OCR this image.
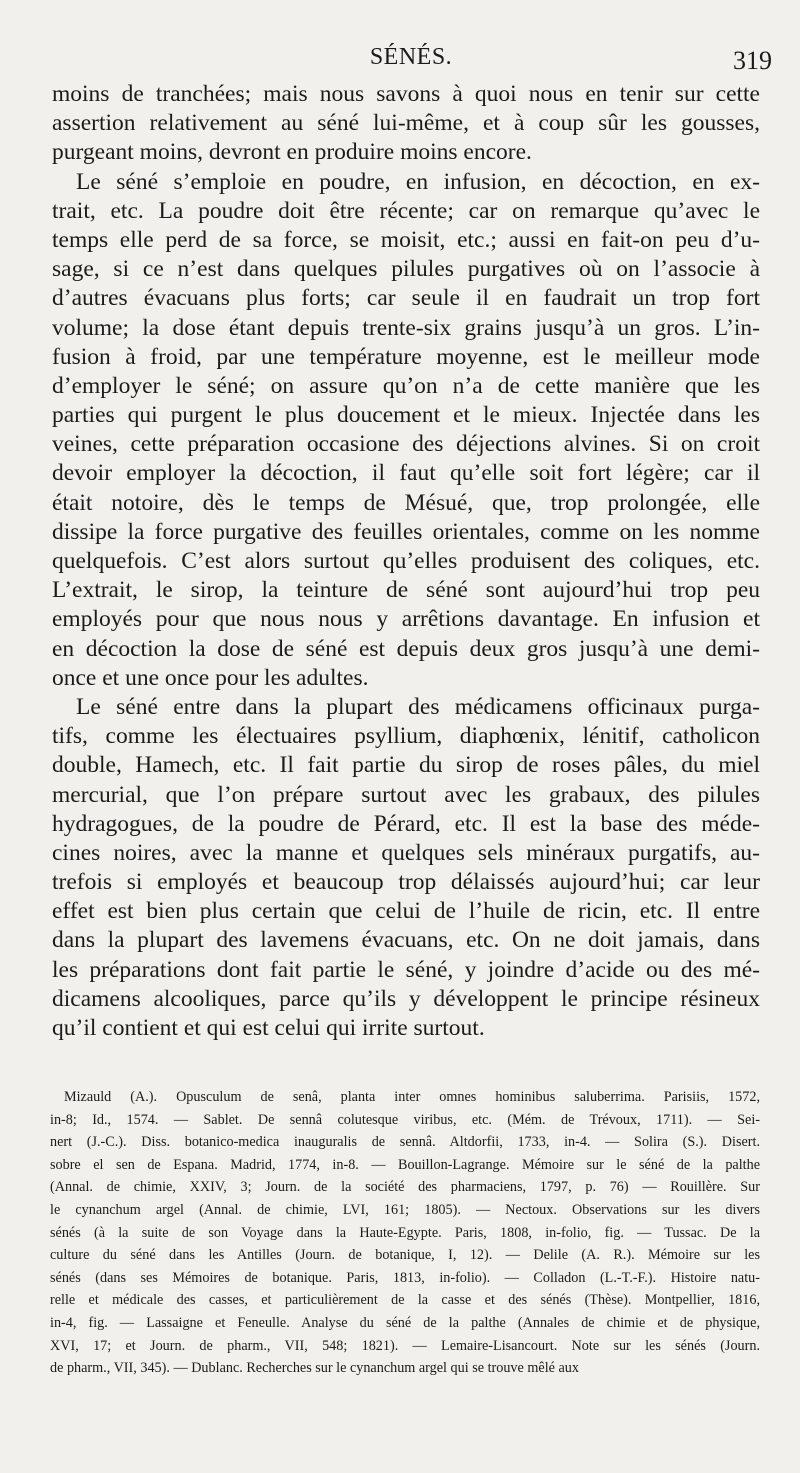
SÉNÉS.	319
moins de tranchées; mais nous savons à quoi nous en tenir sur cette
assertion relativement au séné lui-même, et à coup sûr les gousses,
purgeant moins, devront en produire moins encore.
Le séné s’emploie en poudre, en infusion, en décoction, en ex-
trait, etc. La poudre doit être récente; car on remarque qu’avec le
temps elle perd de sa force, se moisit, etc.; aussi en fait-on peu d’u-
sage, si ce n’est dans quelques pilules purgatives où on l’associe à
d’autres évacuans plus forts; car seule il en faudrait un trop fort
volume; la dose étant depuis trente-six grains jusqu’à un gros. L’in-
fusion à froid, par une température moyenne, est le meilleur mode
d’employer le séné; on assure qu’on n’a de cette manière que les
parties qui purgent le plus doucement et le mieux. Injectée dans les
veines, cette préparation occasione des déjections alvines. Si on croit
devoir employer la décoction, il faut qu’elle soit fort légère; car il
était notoire, dès le temps de Mésué, que, trop prolongée, elle
dissipe la force purgative des feuilles orientales, comme on les nomme
quelquefois. C’est alors surtout qu’elles produisent des coliques, etc.
L’extrait, le sirop, la teinture de séné sont aujourd’hui trop peu
employés pour que nous nous y arrêtions davantage. En infusion et
en décoction la dose de séné est depuis deux gros jusqu’à une demi-
once et une once pour les adultes.
Le séné entre dans la plupart des médicamens officinaux purga-
tifs, comme les électuaires psyllium, diaphœnix, lénitif, catholicon
double, Hamech, etc. Il fait partie du sirop de roses pâles, du miel
mercurial, que l’on prépare surtout avec les grabaux, des pilules
hydragogues, de la poudre de Pérard, etc. Il est la base des méde-
cines noires, avec la manne et quelques sels minéraux purgatifs, au-
trefois si employés et beaucoup trop délaissés aujourd’hui; car leur
effet est bien plus certain que celui de l’huile de ricin, etc. Il entre
dans la plupart des lavemens évacuans, etc. On ne doit jamais, dans
les préparations dont fait partie le séné, y joindre d’acide ou des mé-
dicamens alcooliques, parce qu’ils y développent le principe résineux
qu’il contient et qui est celui qui irrite surtout.
Mizauld (A.). Opusculum de senâ, planta inter omnes hominibus saluberrima. Parisiis, 1572,
in-8; Id., 1574. — Sablet. De sennâ colutesque viribus, etc. (Mém. de Trévoux, 1711). — Sei-
nert (J.-C.). Diss. botanico-medica inauguralis de sennâ. Altdorfii, 1733, in-4. — Solira (S.). Disert.
sobre el sen de Espana. Madrid, 1774, in-8. — Bouillon-Lagrange. Mémoire sur le séné de la palthe
(Annal. de chimie, XXIV, 3; Journ. de la société des pharmaciens, 1797, p. 76) — Rouillère. Sur
le cynanchum argel (Annal. de chimie, LVI, 161; 1805). — Nectoux. Observations sur les divers
sénés (à la suite de son Voyage dans la Haute-Egypte. Paris, 1808, in-folio, fig. — Tussac. De la
culture du séné dans les Antilles (Journ. de botanique, I, 12). — Delile (A. R.). Mémoire sur les
sénés (dans ses Mémoires de botanique. Paris, 1813, in-folio). — Colladon (L.-T.-F.). Histoire natu-
relle et médicale des casses, et particulièrement de la casse et des sénés (Thèse). Montpellier, 1816,
in-4, fig. — Lassaigne et Feneulle. Analyse du séné de la palthe (Annales de chimie et de physique,
XVI, 17; et Journ. de pharm., VII, 548; 1821). — Lemaire-Lisancourt. Note sur les sénés (Journ.
de pharm., VII, 345). — Dublanc. Recherches sur le cynanchum argel qui se trouve mêlé aux
